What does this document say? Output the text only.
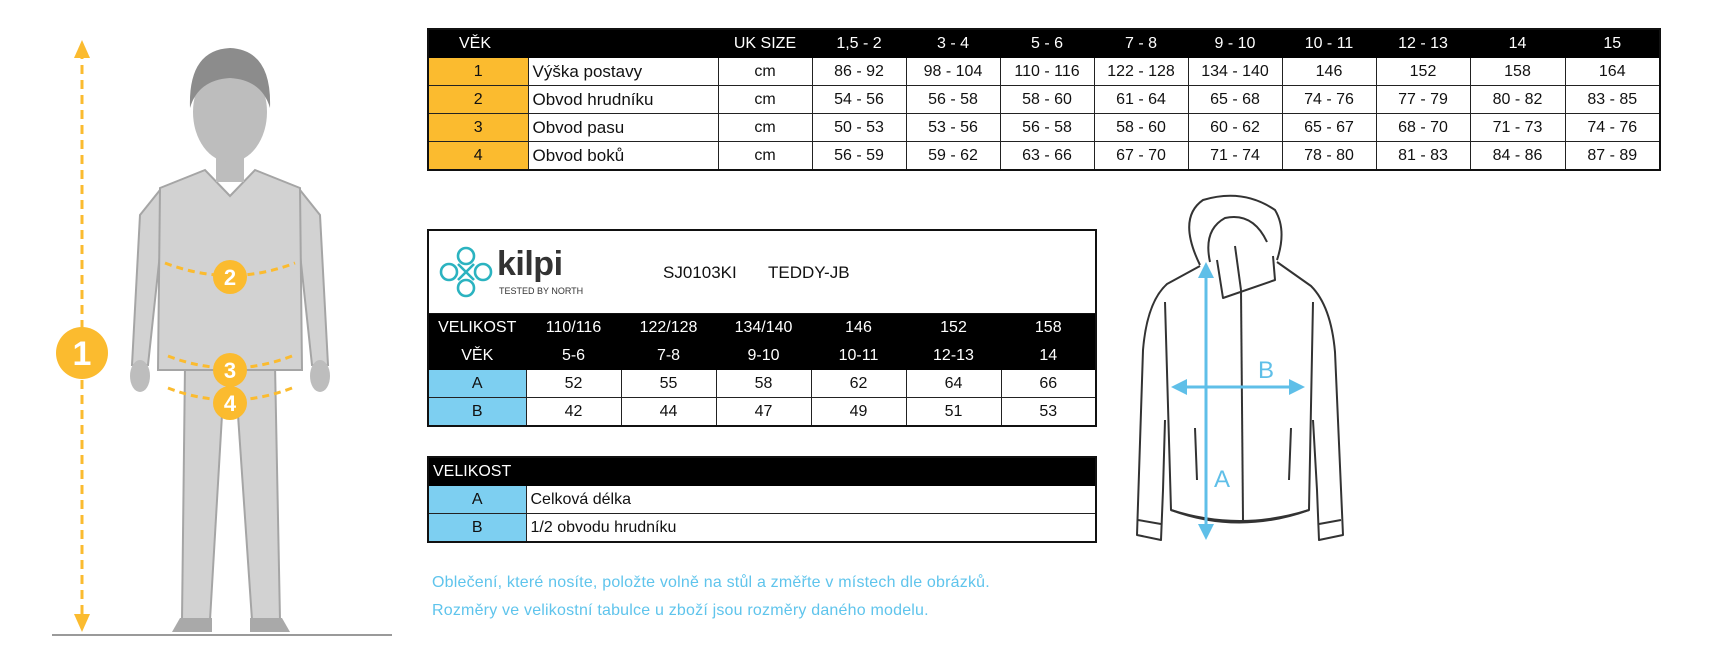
1
2
3
4
VĚK		UK SIZE	1,5 - 2	3 - 4	5 - 6	7 - 8	9 - 10	10 - 11	12 - 13	14	15
1	Výška postavy	cm	86 - 92	98 - 104	110 - 116	122 - 128	134 - 140	146	152	158	164
2	Obvod hrudníku	cm	54 - 56	56 - 58	58 - 60	61 - 64	65 - 68	74 - 76	77 - 79	80 - 82	83 - 85
3	Obvod pasu	cm	50 - 53	53 - 56	56 - 58	58 - 60	60 - 62	65 - 67	68 - 70	71 - 73	74 - 76
4	Obvod boků	cm	56 - 59	59 - 62	63 - 66	67 - 70	71 - 74	78 - 80	81 - 83	84 - 86	87 - 89
kilpi
TESTED BY NORTH
SJ0103KI TEDDY-JB						

VELIKOST	110/116	122/128	134/140	146	152	158
VĚK	5-6	7-8	9-10	10-11	12-13	14
A	52	55	58	62	64	66
B	42	44	47	49	51	53
VELIKOST	
A	Celková délka
B	1/2 obvodu hrudníku
Oblečení, které nosíte, položte volně na stůl a změřte v místech dle obrázků.
Rozměry ve velikostní tabulce u zboží jsou rozměry daného modelu.
A
B
